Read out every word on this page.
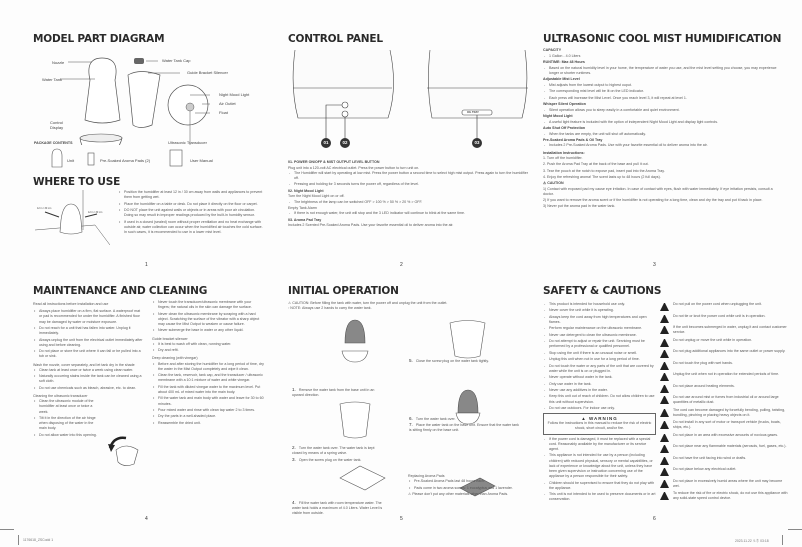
MODEL PART DIAGRAM
Nozzle
Water Tank
Control Display
Water Tank Cap
Guide Bracket Silencer
Night Mood Light
Air Outlet
Float
Ultrasonic Transducer
PACKAGE CONTENTS
Unit	Pre-Soaked Aroma Pads (2)	User Manual
WHERE TO USE
12 in / 30 cm
12 in / 30 cm
• Position the humidifier at least 12 in / 30 cm away from walls and appliances to prevent them from getting wet.
• Place the humidifier on a table or desk. Do not place it directly on the floor or carpet.
• DO NOT place the unit against walls or objects or in areas with poor air circulation. Doing so may result in improper readings produced by the built-in humidity sensor.
• If used in a closed (sealed) room without proper ventilation and no heat exchange with outside air, water collection can occur when the humidified air touches the cold surface. In such cases, it is recommended to use in a lower mist level.
1
CONTROL PANEL
OIL TRAY
01	02	03
01. POWER ON/OFF & MIST OUTPUT LEVEL BUTTON
Plug unit into a 120-volt AC electrical outlet. Press the power button to turn unit on.
- The Humidifier will start by operating at low mist. Press the power button a second time to select high mist output. Press again to turn the humidifier off.
- Pressing and holding for 3 seconds turns the power off, regardless of the level.
02. Night Mood Light
Turn the Night Mood Light on or off.
- The brightness of the lamp can be switched OFF > 100 % > 50 % > 20 % > OFF.
Empty Tank Alarm
- If there is not enough water, the unit will stop and the 3 LED indicator will continue to blink at the same time.
03. Aroma Pad Tray
Includes 2 Scented Pre-Soaked Aroma Pads. Use your favorite essential oil to deliver aroma into the air.
2
ULTRASONIC COOL MIST HUMIDIFICATION
CAPACITY
- 1 Gallon - 4.0 Liters
RUNTIME: Max 48 Hours
- Based on the natural humidity level in your home, the temperature of water you use, and the mist level setting you choose, you may experience longer or shorter runtimes.
Adjustable Mist Level
- Mist adjusts from the lowest output to highest ouput.
- The corresponding mist level will be lit on the LED indicator.
- Each press will increase the Mist Level. Once you reach level 3, it will repeat at level 1.
Whisper Silent Operation
- Silent operation allows you to sleep easily in a comfortable and quiet environment.
Night Mood Light
- A useful light feature is included with the option of independent Night Mood Light and display light controls.
Auto Shut Off Protection
- When the tanks are empty, the unit will shut off automatically.
Pre-Soaked Aroma Pads & Oil Tray
- Includes 2 Pre-Soaked Aroma Pads. Use with your favorite essential oil to deliver aroma into the air.
Installation Instructions:
1. Turn off the humidifier.
2. Push the Aroma Pad Tray at the back of the base and pull it out.
3. Tear the pouch at the notch to expose pad, insert pad into the Aroma Tray.
4. Enjoy the refreshing aroma! The scent lasts up to 48 hours (2 full days).
⚠ CAUTION
1) Contact with exposed pad my cause eye irritation. In case of contact with eyes, flush with water immediately. If eye irritation persists, consult a doctor.
2) If you want to remove the aroma scent or if the humidifier is not operating for a long time, clean and dry the tray and put it back in place.
3) Never put the aroma pad in the water tank.
3
MAINTENANCE AND CLEANING
Read all instructions before installation and use
• Always place humidifier on a firm, flat surface. A waterproof mat or pad is recommended for under the humidifier. A finished floor may be damaged by water or moisture exposure.
• Do not reach for a unit that has fallen into water. Unplug it immediately.
• Always unplug the unit from the electrical outlet immediately after using and before cleaning.
• Do not place or store the unit where it can fall or be pulled into a tub or sink.
Wash the nozzle, cover separately, and let tank dry in the shade
• Clean tank at least once or twice a week using clean water.
• Naturally occurring stains inside the tank can be cleaned using a soft cloth.
• Do not use chemicals such as bleach, abrasive, etc. to clean.
Cleaning the ultrasonic transducer
• Clean the ultrasonic module of the humidifier at least once or twice a week.
• Tilt it in the direction of the air hinge when disposing of the water in the main body.
• Do not allow water into this opening.
• Never touch the transducer/ultrasonic membrane with your fingers; the natural oils in the skin can damage the surface.
• Never clean the ultrasonic membrane by scraping with a hard object. Scratching the surface of the vibrator with a sharp object may cause the Mist Output to weaken or cause failure.
• Never submerge the base in water or any other liquid.
Guide bracket silencer
• It is best to wash off with clean, running water.
• Dry and refit.
Deep cleaning (with vinegar)
• Before and after storing the humidifier for a long period of time, dry the water in the Mist Output completely and wipe it clean.
• Clean the tank, reservoir, tank cap, and the transducer / ultrasonic membrane with a 10:1 mixture of water and white vinegar.
• Fill the tank with diluted vinegar water to the maximum level. Put about 400 mL of mixed water into the main body.
• Fill the water tank and main body with water and leave for 30 to 60 minutes.
• Pour mixed water and rinse with clean tap water 2 to 3 times.
• Dry the parts in a well-shaded place.
• Reassemble the dried unit.
4
INITIAL OPERATION
⚠ CAUTION: Before filling the tank with water, turn the power off and unplug the unit from the outlet.
◦ NOTE: Always use 2 hands to carry the water tank.
1. Remove the water tank from the base unit in an upward direction.
2. Turn the water tank over. The water tank is kept closed by means of a spring valve.
3. Open the screw plug on the water tank.
4. Fill the water tank with room temperature water. The water tank holds a maximum of 4.0 Liters. Water Level is visible from outside.
5. Close the screw plug on the water tank tightly.
6. Turn the water tank over.
7. Place the water tank on the base unit. Ensure that the water tank is sitting firmly on the base unit.
Replacing Aroma Pads
• Pre-Soaked Aroma Pads last 48 hours each.
• Pads come in two aroma scents: 1 eucalyptus and 1 lavender.
⚠ Please don't put any other materials other than Aroma Pads.
5
SAFETY & CAUTIONS
- This product is intended for household use only.
- Never cover the unit while it is operating.
- Always keep the cord away from high temperatures and open flames.
- Perform regular maintenance on the ultrasonic membrane.
- Never use detergent to clean the ultrasonic membrane.
- Do not attempt to adjust or repair the unit. Servicing must be performed by a professional or qualified personnel.
- Stop using the unit if there is an unusual noise or smell.
- Unplug this unit when not in use for a long period of time.
- Do not touch the water or any parts of the unit that are covered by water while the unit is on or plugged in.
- Never operate without water in the tank.
- Only use water in the tank.
- Never use any additives in the water.
- Keep this unit out of reach of children. Do not allow children to use this unit without supervision.
- Do not use outdoors. For indoor use only.
▲ WARNING
Follow the instructions in this manual to reduce the risk of electric shock, short circuit, and/or fire.
- If the power cord is damaged, it must be replaced with a special cord. Reasonably available by the manufacturer or its service agent.
- This appliance is not intended for use by a person (including children) with reduced physical, sensory or mental capabilities, or lack of experience or knowledge about the unit, unless they have been given supervision or instruction concerning use of the appliance by a person responsible for their safety.
- Children should be supervised to ensure that they do not play with the appliance.
- This unit is not intended to be used to preserve documents or in art conservation.
Do not pull on the power cord when unplugging the unit.
Do not tie or knot the power cord while unit is in operation.
If the unit becomes submerged in water, unplug it and contact customer service.
Do not unplug or move the unit while in operation.
Do not plug additional appliances into the same outlet or power supply.
Do not touch the plug with wet hands.
Unplug the unit when not in operation for extended periods of time.
Do not place around heating elements.
Do not use around mist or fumes from industrial oil or around large quantities of metallic dust.
The cord can become damaged by forcefully bending, pulling, twisting, bundling, pinching or placing heavy objects on it.
Do not install in any sort of motor or transport vehicle (trucks, boats, ships, etc.).
Do not place in an area with excessive amounts of noxious gases.
Do not place near any flammable materials (aerosols, fuel, gases, etc.).
Do not have the unit facing into wind or drafts.
Do not place below any electrical outlet.
Do not place in excessively humid areas where the unit may become wet.
To reduce the risk of fire or electric shock, do not use this appliance with any solid-state speed control device.
6
1176618_ZSCodd 1	2023.11.22 오후 03:18
